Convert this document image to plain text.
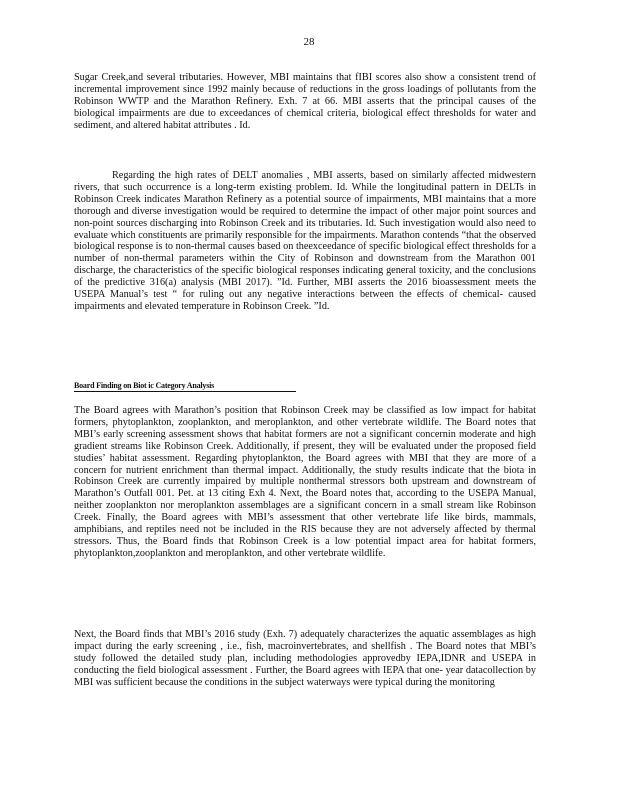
28

Sugar Creek,and several tributaries. However, MBI maintains that fIBI scores also show a consistent trend of incremental improvement since 1992 mainly because of reductions in the gross loadings of pollutants from the Robinson WWTP and the Marathon Refinery. Exh. 7 at 66. MBI asserts that the principal causes of the biological impairments are due to exceedances of chemical criteria, biological effect thresholds for water and sediment, and altered habitat attributes . Id.

Regarding the high rates of DELT anomalies , MBI asserts, based on similarly affected midwestern rivers, that such occurrence is a long-term existing problem. Id. While the longitudinal pattern in DELTs in Robinson Creek indicates Marathon Refinery as a potential source of impairments, MBI maintains that a more thorough and diverse investigation would be required to determine the impact of other major point sources and non-point sources discharging into Robinson Creek and its tributaries. Id. Such investigation would also need to evaluate which constituents are primarily responsible for the impairments. Marathon contends “that the observed biological response is to non-thermal causes based on theexceedance of specific biological effect thresholds for a number of non-thermal parameters within the City of Robinson and downstream from the Marathon 001 discharge, the characteristics of the specific biological responses indicating general toxicity, and the conclusions of the predictive 316(a) analysis (MBI 2017). ”Id. Further, MBI asserts the 2016 bioassessment meets the USEPA Manual’s test “ for ruling out any negative interactions between the effects of chemical- caused impairments and elevated temperature in Robinson Creek. ”Id.

Board Finding on Biot ic Category Analysis

The Board agrees with Marathon’s position that Robinson Creek may be classified as low impact for habitat formers, phytoplankton, zooplankton, and meroplankton, and other vertebrate wildlife. The Board notes that MBI’s early screening assessment shows that habitat formers are not a significant concernin moderate and high gradient streams like Robinson Creek. Additionally, if present, they will be evaluated under the proposed field studies’ habitat assessment. Regarding phytoplankton, the Board agrees with MBI that they are more of a concern for nutrient enrichment than thermal impact. Additionally, the study results indicate that the biota in Robinson Creek are currently impaired by multiple nonthermal stressors both upstream and downstream of Marathon’s Outfall 001. Pet. at 13 citing Exh 4. Next, the Board notes that, according to the USEPA Manual, neither zooplankton nor meroplankton assemblages are a significant concern in a small stream like Robinson Creek. Finally, the Board agrees with MBI’s assessment that other vertebrate life like birds, mammals, amphibians, and reptiles need not be included in the RIS because they are not adversely affected by thermal stressors. Thus, the Board finds that Robinson Creek is a low potential impact area for habitat formers, phytoplankton,zooplankton and meroplankton, and other vertebrate wildlife.

Next, the Board finds that MBI’s 2016 study (Exh. 7) adequately characterizes the aquatic assemblages as high impact during the early screening , i.e., fish, macroinvertebrates, and shellfish . The Board notes that MBI’s study followed the detailed study plan, including methodologies approvedby IEPA,IDNR and USEPA in conducting the field biological assessment . Further, the Board agrees with IEPA that one- year datacollection by MBI was sufficient because the conditions in the subject waterways were typical during the monitoring
